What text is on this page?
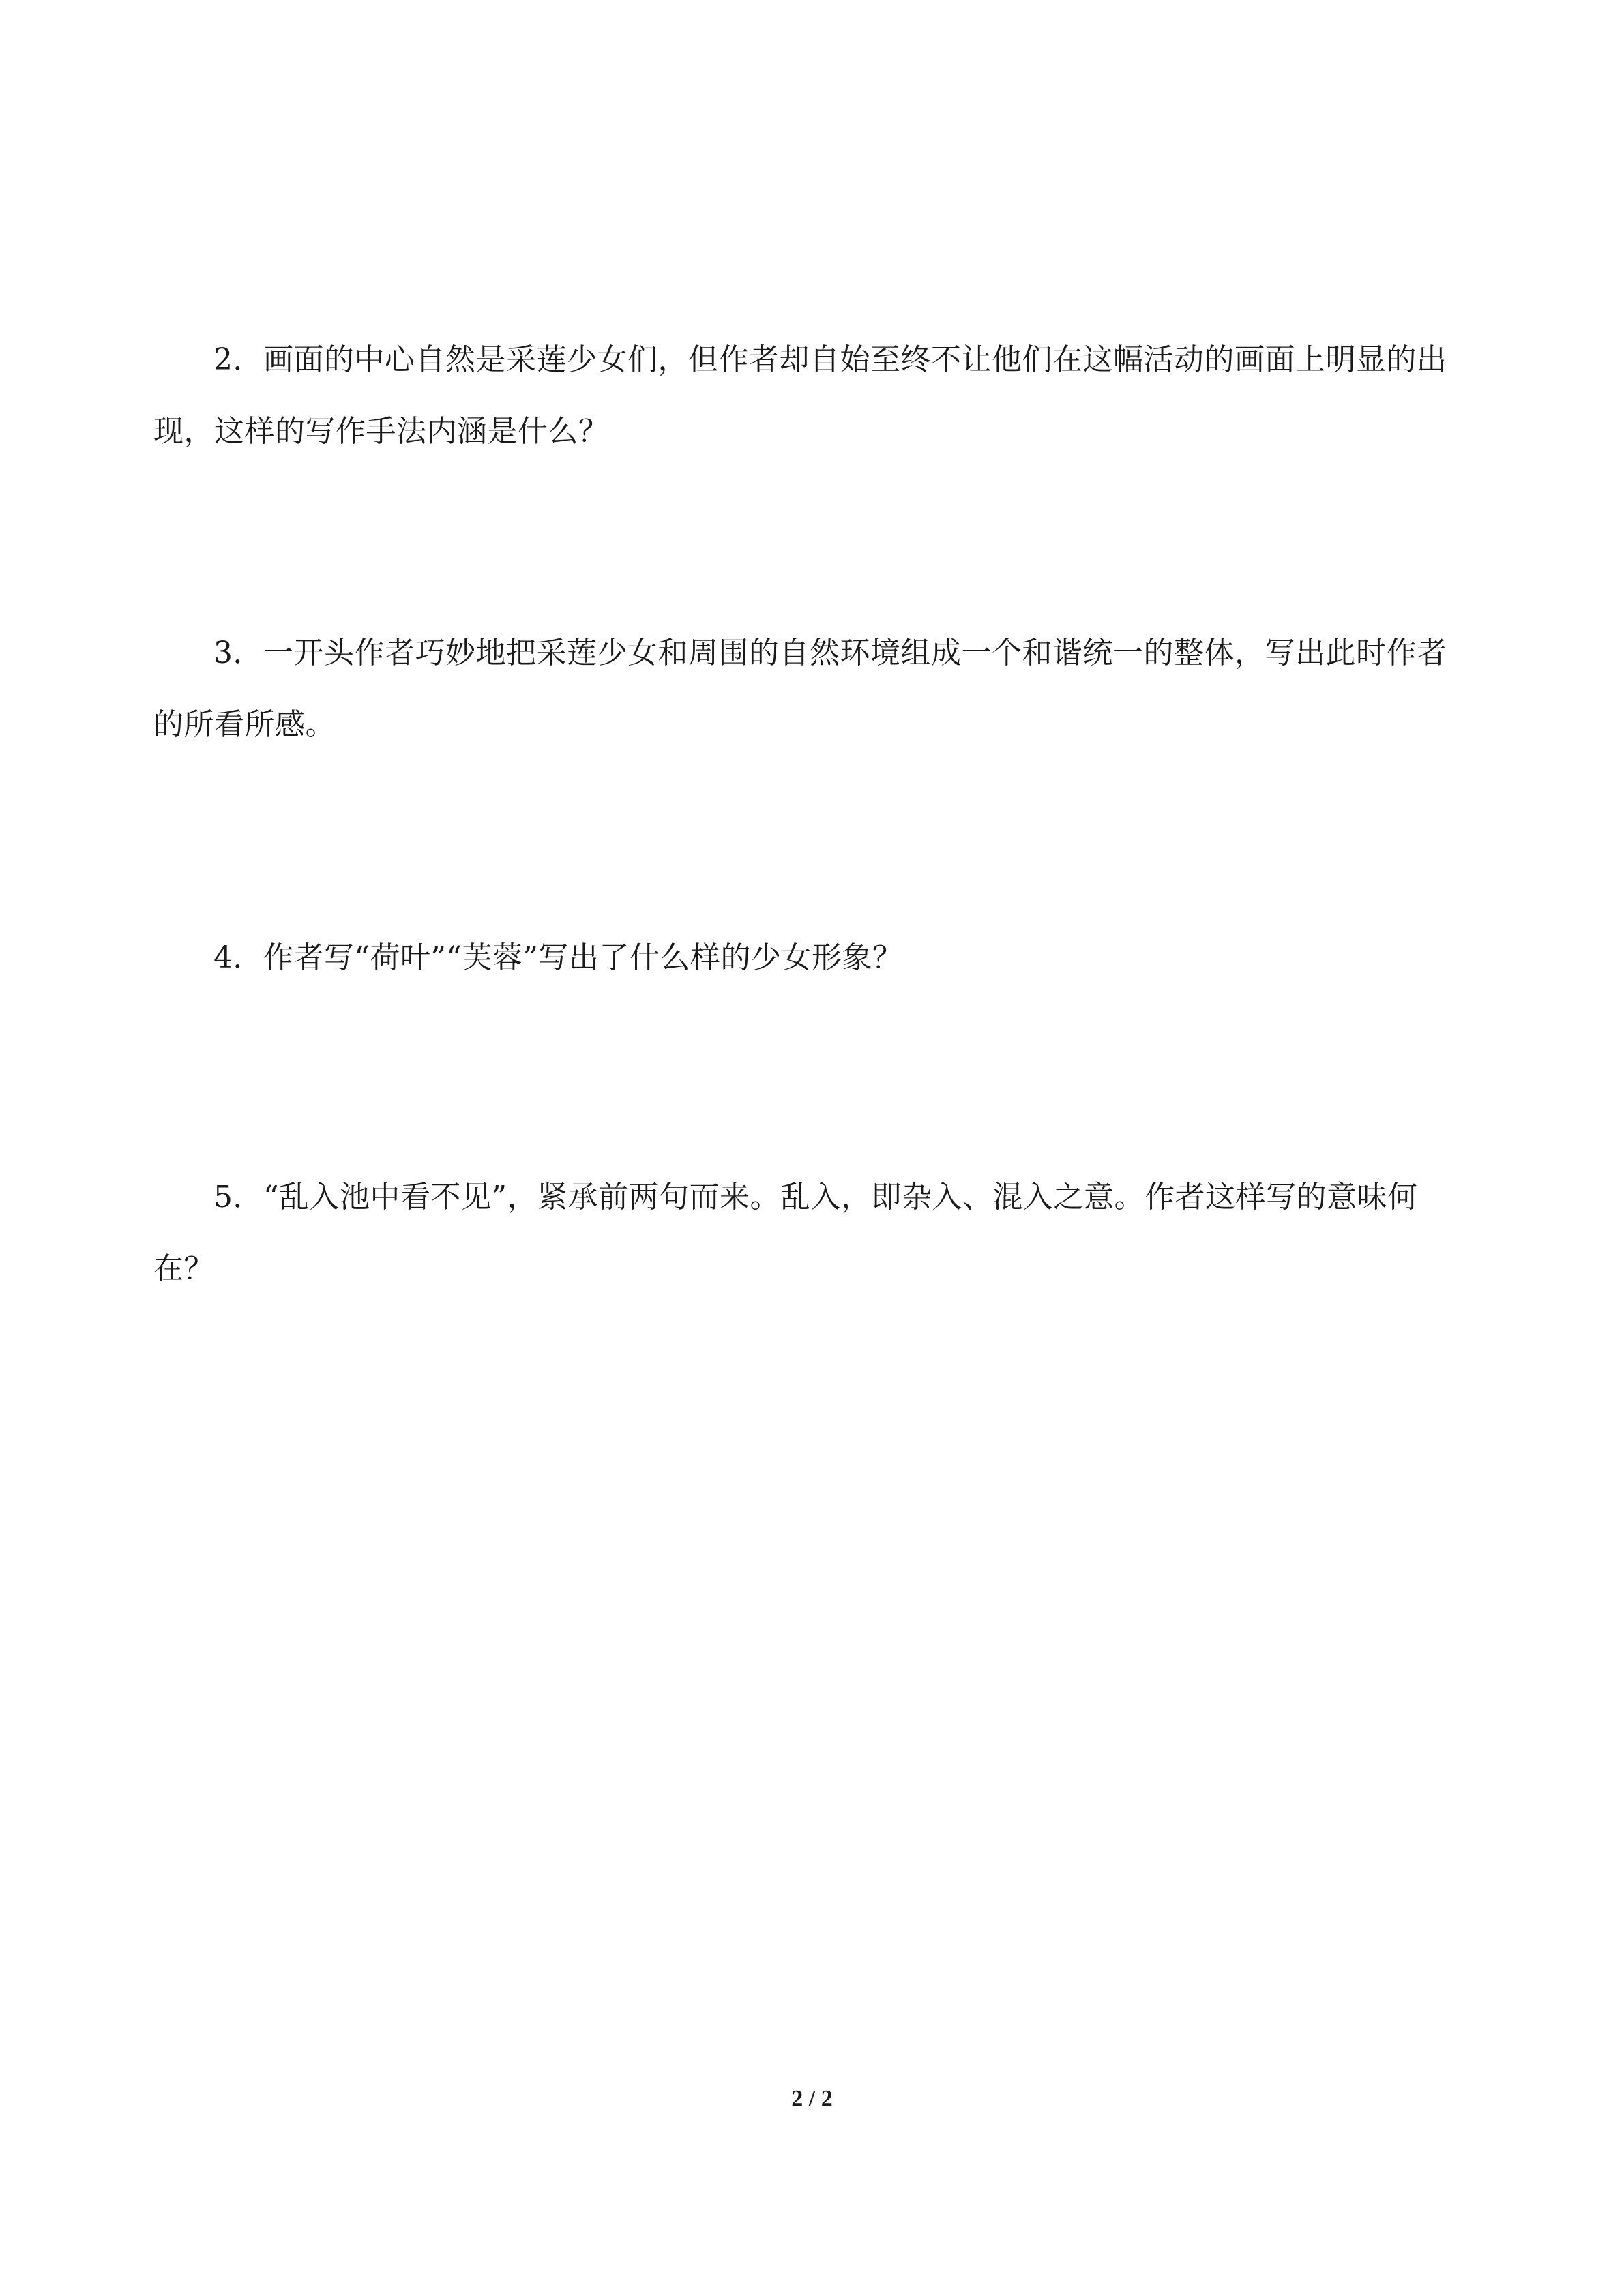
2．画面的中心自然是采莲少女们，但作者却自始至终不让他们在这幅活动的画面上明显的出现，这样的写作手法内涵是什么？

3．一开头作者巧妙地把采莲少女和周围的自然环境组成一个和谐统一的整体，写出此时作者的所看所感。

4．作者写“荷叶”“芙蓉”写出了什么样的少女形象？

5．“乱入池中看不见”，紧承前两句而来。乱入，即杂入、混入之意。作者这样写的意味何在？

2 / 2
